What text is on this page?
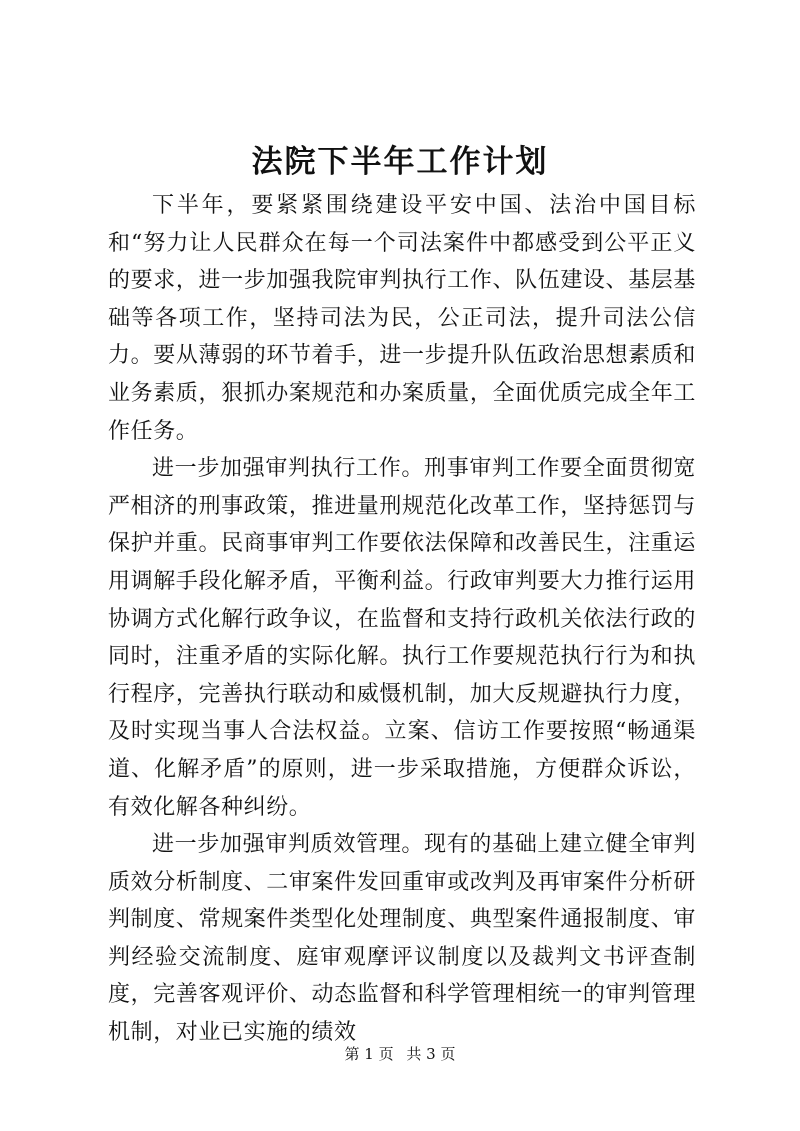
法院下半年工作计划

下半年，要紧紧围绕建设平安中国、法治中国目标和“努力让人民群众在每一个司法案件中都感受到公平正义的要求，进一步加强我院审判执行工作、队伍建设、基层基础等各项工作，坚持司法为民，公正司法，提升司法公信力。要从薄弱的环节着手，进一步提升队伍政治思想素质和业务素质，狠抓办案规范和办案质量，全面优质完成全年工作任务。

进一步加强审判执行工作。刑事审判工作要全面贯彻宽严相济的刑事政策，推进量刑规范化改革工作，坚持惩罚与保护并重。民商事审判工作要依法保障和改善民生，注重运用调解手段化解矛盾，平衡利益。行政审判要大力推行运用协调方式化解行政争议，在监督和支持行政机关依法行政的同时，注重矛盾的实际化解。执行工作要规范执行行为和执行程序，完善执行联动和威慑机制，加大反规避执行力度，及时实现当事人合法权益。立案、信访工作要按照“畅通渠道、化解矛盾”的原则，进一步采取措施，方便群众诉讼，有效化解各种纠纷。

进一步加强审判质效管理。现有的基础上建立健全审判质效分析制度、二审案件发回重审或改判及再审案件分析研判制度、常规案件类型化处理制度、典型案件通报制度、审判经验交流制度、庭审观摩评议制度以及裁判文书评查制度，完善客观评价、动态监督和科学管理相统一的审判管理机制，对业已实施的绩效

第 1 页 共 3 页
